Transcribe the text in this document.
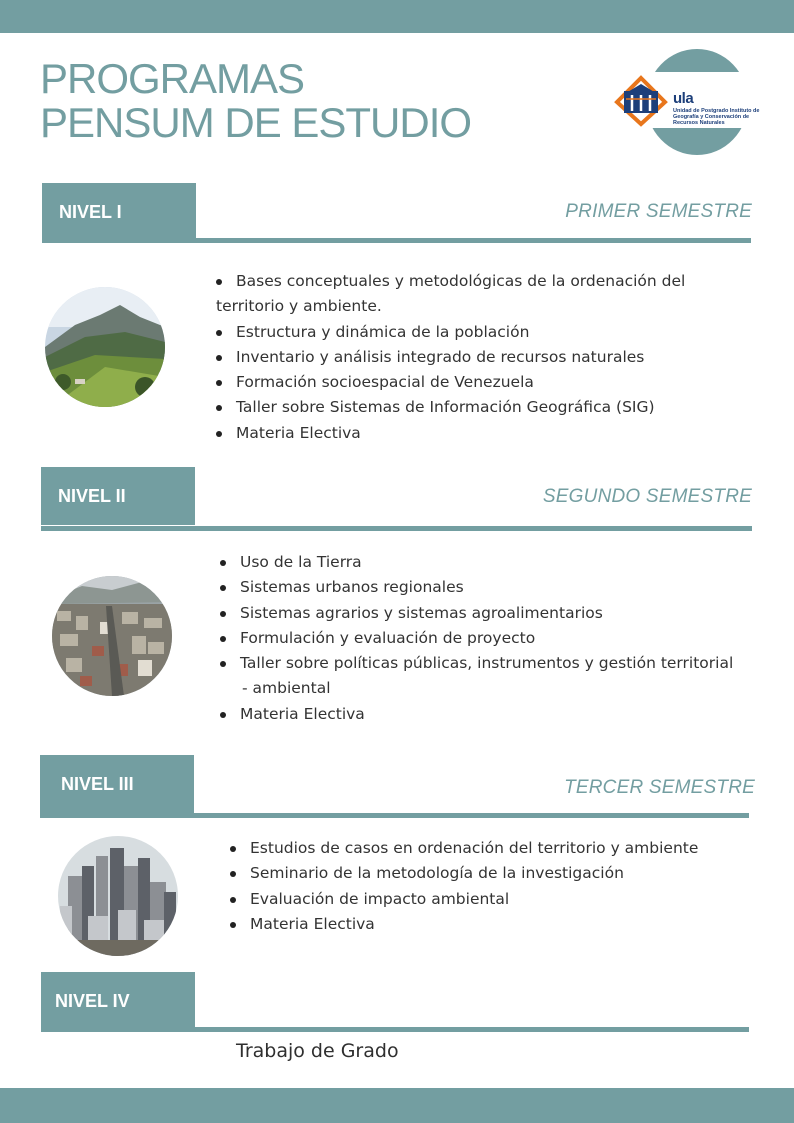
PROGRAMAS
PENSUM DE ESTUDIO
ula
Unidad de Postgrado Instituto de Geografía y Conservación de Recursos Naturales
NIVEL I	PRIMER SEMESTRE
Bases conceptuales y metodológicas de la ordenación del
territorio y ambiente.
Estructura y dinámica de la población
Inventario y análisis integrado de recursos naturales
Formación socioespacial de Venezuela
Taller sobre Sistemas de Información Geográfica (SIG)
Materia Electiva
NIVEL II	SEGUNDO SEMESTRE
Uso de la Tierra
Sistemas urbanos regionales
Sistemas agrarios y sistemas agroalimentarios
Formulación y evaluación de proyecto
Taller sobre políticas públicas, instrumentos y gestión territorial
- ambiental
Materia Electiva
NIVEL III	TERCER SEMESTRE
Estudios de casos en ordenación del territorio y ambiente
Seminario de la metodología de la investigación
Evaluación de impacto ambiental
Materia Electiva
NIVEL IV
Trabajo de Grado
